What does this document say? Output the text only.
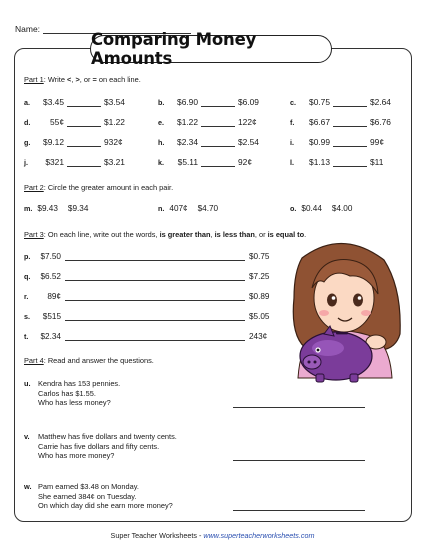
Name:
Comparing Money Amounts
Part 1: Write <, >, or = on each line.
a.	$3.45	$3.54	b.	$6.90	$6.09	c.	$0.75	$2.64
d.	55¢	$1.22	e.	$1.22	122¢	f.	$6.67	$6.76
g.	$9.12	932¢	h.	$2.34	$2.54	i.	$0.99	99¢
j.	$321	$3.21	k.	$5.11	92¢	l.	$1.13	$11
Part 2: Circle the greater amount in each pair.
m. $9.43 $9.34	n. 407¢ $4.70	o. $0.44 $4.00
Part 3: On each line, write out the words, is greater than, is less than, or is equal to.
p.	$7.50	$0.75
q.	$6.52	$7.25
r.	89¢	$0.89
s.	$515	$5.05
t.	$2.34	243¢
Part 4: Read and answer the questions.
u. Kendra has 153 pennies.
Carlos has $1.55.
Who has less money?
v. Matthew has five dollars and twenty cents.
Carrie has five dollars and fifty cents.
Who has more money?
w. Pam earned $3.48 on Monday.
She earned 384¢ on Tuesday.
On which day did she earn more money?
Super Teacher Worksheets - www.superteacherworksheets.com
